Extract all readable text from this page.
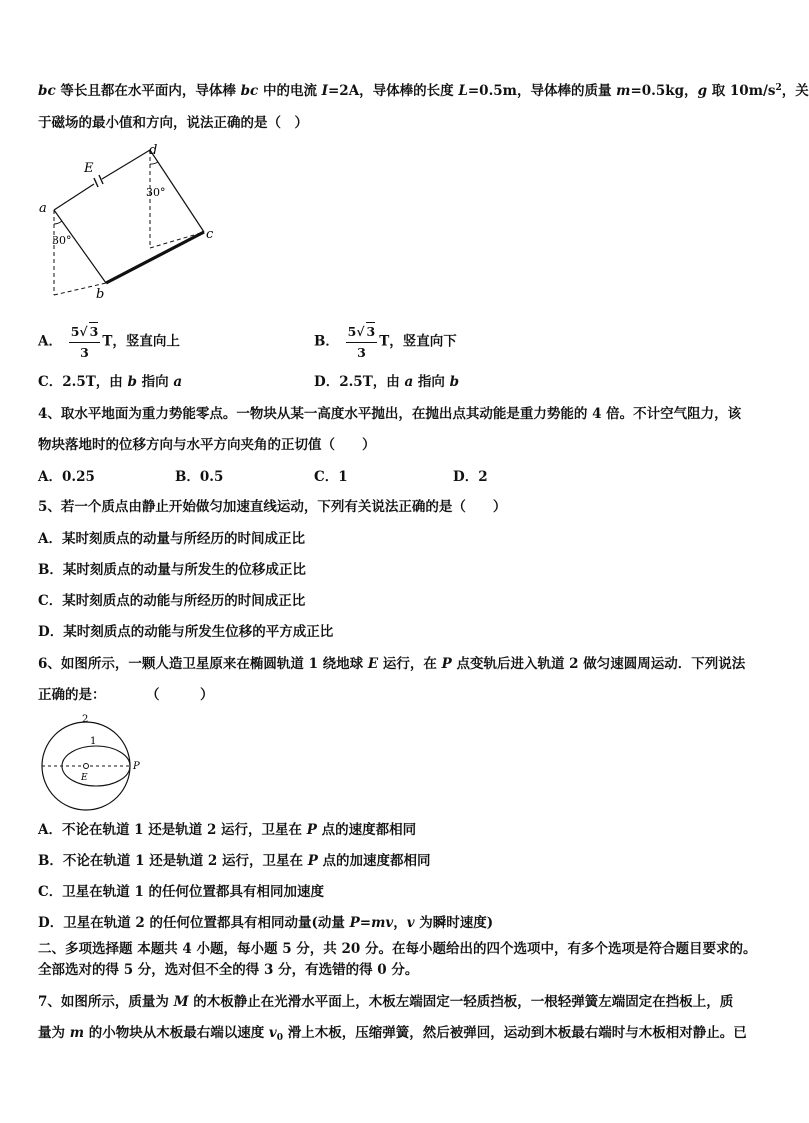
bc 等长且都在水平面内，导体棒 bc 中的电流 I=2A，导体棒的长度 L=0.5m，导体棒的质量 m=0.5kg，g 取 $10m/s^2$，关
于磁场的最小值和方向，说法正确的是（　）
E
a
b
c
d
30°
30°
A． $\frac{5√ 3}{3}$ T，竖直向上	B． $\frac{5√ 3}{3}$ T，竖直向下
C．2.5T，由 b 指向 a	D．2.5T，由 a 指向 b
4、取水平地面为重力势能零点。一物块从某一高度水平抛出，在抛出点其动能是重力势能的 4 倍。不计空气阻力，该
物块落地时的位移方向与水平方向夹角的正切值（　　）
A．0.25	B．0.5	C．1	D．2
5、若一个质点由静止开始做匀加速直线运动，下列有关说法正确的是（　　）
A．某时刻质点的动量与所经历的时间成正比
B．某时刻质点的动量与所发生的位移成正比
C．某时刻质点的动能与所经历的时间成正比
D．某时刻质点的动能与所发生位移的平方成正比
6、如图所示，一颗人造卫星原来在椭圆轨道 1 绕地球 E 运行，在 P 点变轨后进入轨道 2 做匀速圆周运动．下列说法
正确的是：　　　　（　　　）
2
1
E
P
A．不论在轨道 1 还是轨道 2 运行，卫星在 P 点的速度都相同
B．不论在轨道 1 还是轨道 2 运行，卫星在 P 点的加速度都相同
C．卫星在轨道 1 的任何位置都具有相同加速度
D．卫星在轨道 2 的任何位置都具有相同动量(动量 P=mv，v 为瞬时速度)
二、多项选择题 本题共 4 小题，每小题 5 分，共 20 分。在每小题给出的四个选项中，有多个选项是符合题目要求的。
全部选对的得 5 分，选对但不全的得 3 分，有选错的得 0 分。
7、如图所示，质量为 M 的木板静止在光滑水平面上，木板左端固定一轻质挡板，一根轻弹簧左端固定在挡板上，质
量为 m 的小物块从木板最右端以速度 $v_0$ 滑上木板，压缩弹簧，然后被弹回，运动到木板最右端时与木板相对静止。已
